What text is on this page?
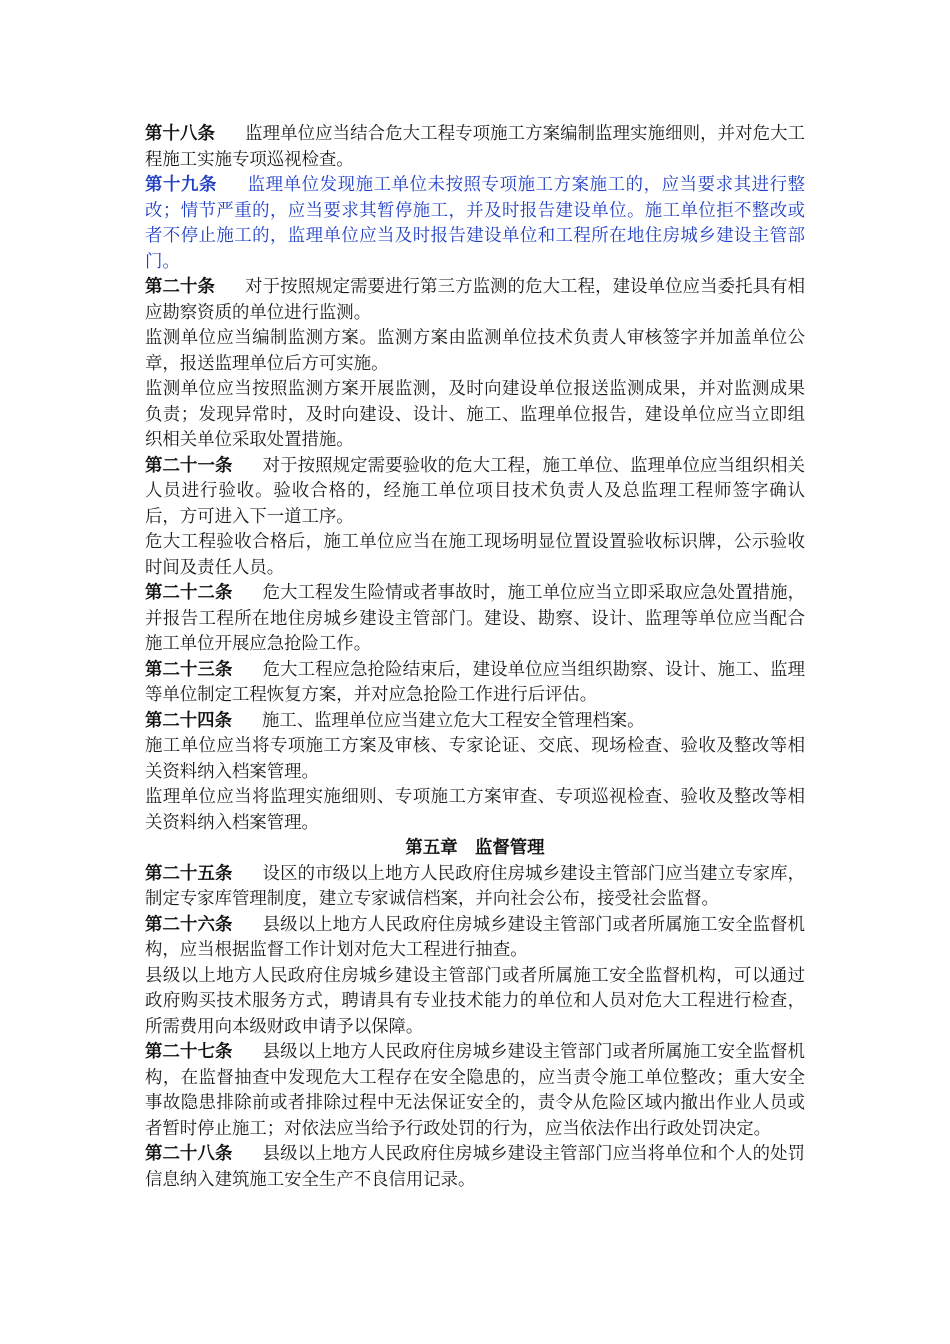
第十八条 监理单位应当结合危大工程专项施工方案编制监理实施细则，并对危大工程施工实施专项巡视检查。

第十九条 监理单位发现施工单位未按照专项施工方案施工的，应当要求其进行整改；情节严重的，应当要求其暂停施工，并及时报告建设单位。施工单位拒不整改或者不停止施工的，监理单位应当及时报告建设单位和工程所在地住房城乡建设主管部门。

第二十条 对于按照规定需要进行第三方监测的危大工程，建设单位应当委托具有相应勘察资质的单位进行监测。

监测单位应当编制监测方案。监测方案由监测单位技术负责人审核签字并加盖单位公章，报送监理单位后方可实施。

监测单位应当按照监测方案开展监测，及时向建设单位报送监测成果，并对监测成果负责；发现异常时，及时向建设、设计、施工、监理单位报告，建设单位应当立即组织相关单位采取处置措施。

第二十一条 对于按照规定需要验收的危大工程，施工单位、监理单位应当组织相关人员进行验收。验收合格的，经施工单位项目技术负责人及总监理工程师签字确认后，方可进入下一道工序。

危大工程验收合格后，施工单位应当在施工现场明显位置设置验收标识牌，公示验收时间及责任人员。

第二十二条 危大工程发生险情或者事故时，施工单位应当立即采取应急处置措施，并报告工程所在地住房城乡建设主管部门。建设、勘察、设计、监理等单位应当配合施工单位开展应急抢险工作。

第二十三条 危大工程应急抢险结束后，建设单位应当组织勘察、设计、施工、监理等单位制定工程恢复方案，并对应急抢险工作进行后评估。

第二十四条 施工、监理单位应当建立危大工程安全管理档案。

施工单位应当将专项施工方案及审核、专家论证、交底、现场检查、验收及整改等相关资料纳入档案管理。

监理单位应当将监理实施细则、专项施工方案审查、专项巡视检查、验收及整改等相关资料纳入档案管理。

第五章　监督管理

第二十五条 设区的市级以上地方人民政府住房城乡建设主管部门应当建立专家库，制定专家库管理制度，建立专家诚信档案，并向社会公布，接受社会监督。

第二十六条 县级以上地方人民政府住房城乡建设主管部门或者所属施工安全监督机构，应当根据监督工作计划对危大工程进行抽查。

县级以上地方人民政府住房城乡建设主管部门或者所属施工安全监督机构，可以通过政府购买技术服务方式，聘请具有专业技术能力的单位和人员对危大工程进行检查，所需费用向本级财政申请予以保障。

第二十七条 县级以上地方人民政府住房城乡建设主管部门或者所属施工安全监督机构，在监督抽查中发现危大工程存在安全隐患的，应当责令施工单位整改；重大安全事故隐患排除前或者排除过程中无法保证安全的，责令从危险区域内撤出作业人员或者暂时停止施工；对依法应当给予行政处罚的行为，应当依法作出行政处罚决定。

第二十八条 县级以上地方人民政府住房城乡建设主管部门应当将单位和个人的处罚信息纳入建筑施工安全生产不良信用记录。
